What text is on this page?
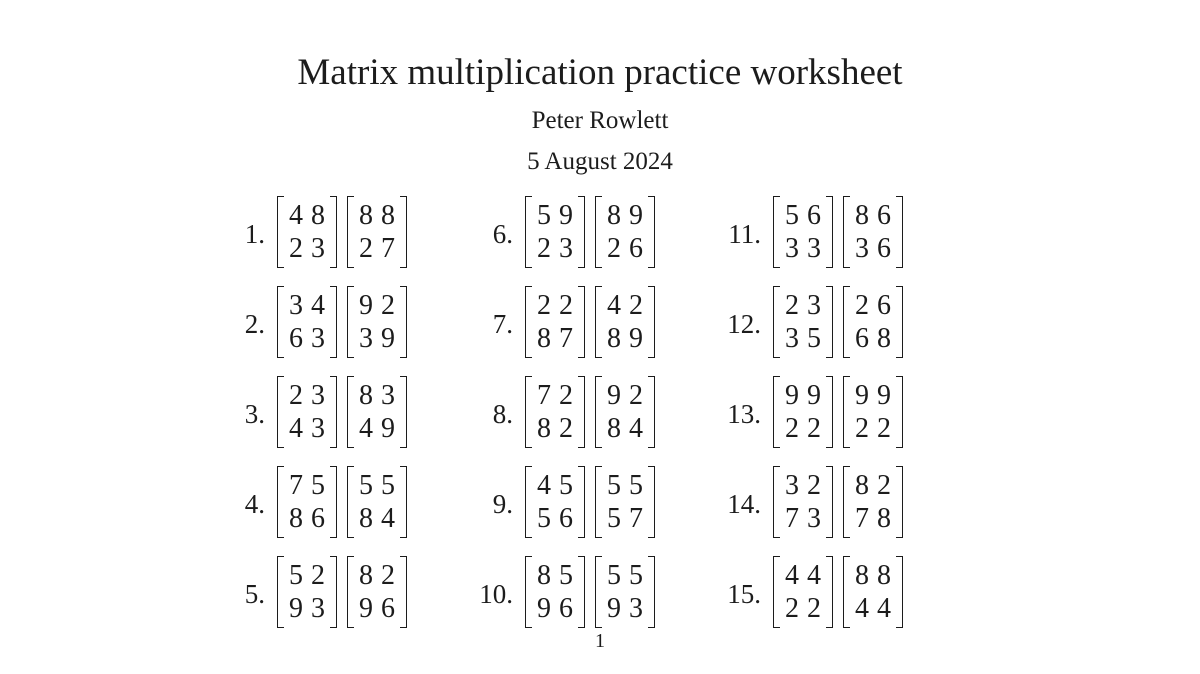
Matrix multiplication practice worksheet
Peter Rowlett
5 August 2024
1.
4 8
2 3
8 8
2 7
2.
3 4
6 3
9 2
3 9
3.
2 3
4 3
8 3
4 9
4.
7 5
8 6
5 5
8 4
5.
5 2
9 3
8 2
9 6
6.
5 9
2 3
8 9
2 6
7.
2 2
8 7
4 2
8 9
8.
7 2
8 2
9 2
8 4
9.
4 5
5 6
5 5
5 7
10.
8 5
9 6
5 5
9 3
11.
5 6
3 3
8 6
3 6
12.
2 3
3 5
2 6
6 8
13.
9 9
2 2
9 9
2 2
14.
3 2
7 3
8 2
7 8
15.
4 4
2 2
8 8
4 4
1
